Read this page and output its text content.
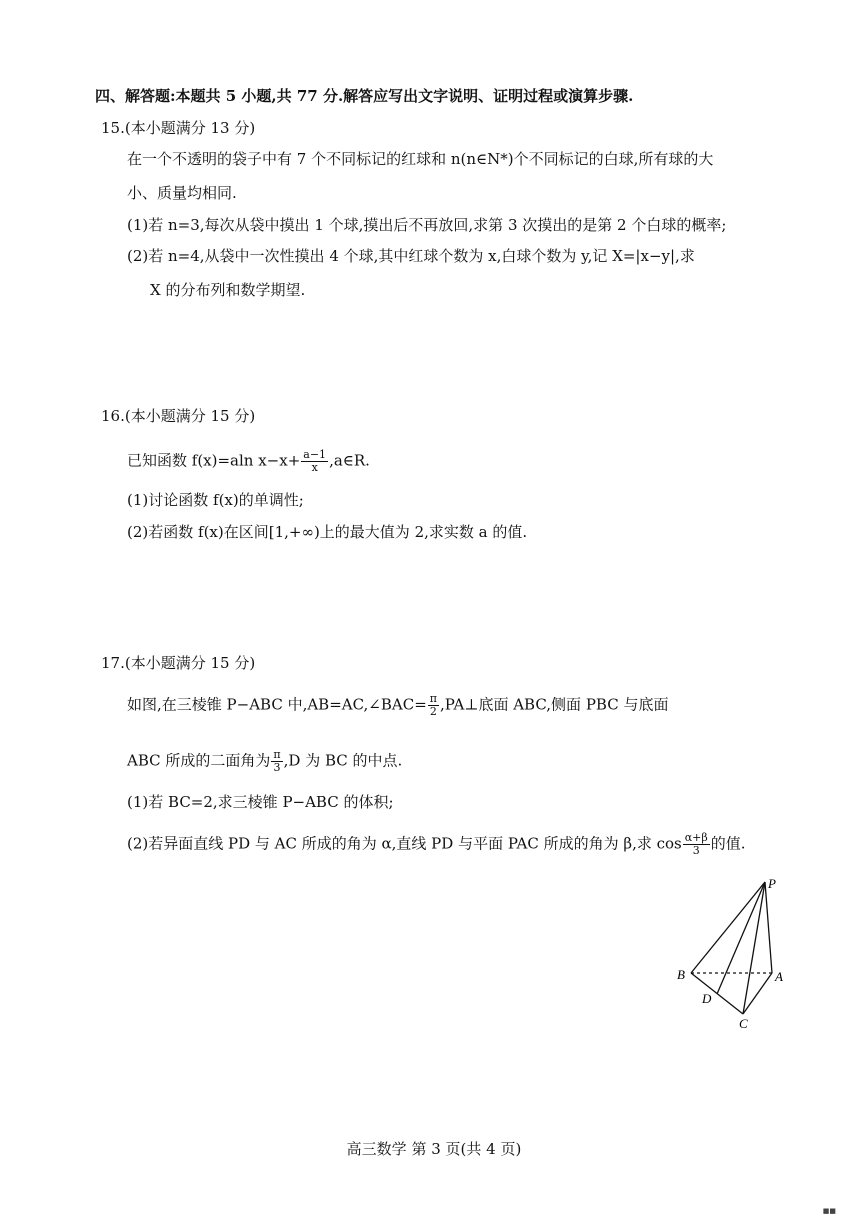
四、解答题:本题共 5 小题,共 77 分.解答应写出文字说明、证明过程或演算步骤.
15.(本小题满分 13 分)
在一个不透明的袋子中有 7 个不同标记的红球和 n(n∈N*)个不同标记的白球,所有球的大
小、质量均相同.
(1)若 n=3,每次从袋中摸出 1 个球,摸出后不再放回,求第 3 次摸出的是第 2 个白球的概率;
(2)若 n=4,从袋中一次性摸出 4 个球,其中红球个数为 x,白球个数为 y,记 X=|x−y|,求
X 的分布列和数学期望.
16.(本小题满分 15 分)
已知函数 f(x)=aln $x-x+ \frac{a-1}{x}$ ,a∈R.
(1)讨论函数 f(x)的单调性;
(2)若函数 f(x)在区间[1,+∞)上的最大值为 2,求实数 a 的值.
17.(本小题满分 15 分)
如图,在三棱锥 P−ABC 中,AB=AC,∠BAC= $\frac{\pi}{2}$ ,PA⊥底面 ABC,侧面 PBC 与底面
ABC 所成的二面角为 $\frac{\pi}{3} ,D$ 为 BC 的中点.
(1)若 BC=2,求三棱锥 P−ABC 的体积;
(2)若异面直线 PD 与 AC 所成的角为 α,直线 PD 与平面 PAC 所成的角为 β,求 $\cos \frac{\alpha+\beta}{3}$ 的值.
P
B	A
D
C
高三数学 第 3 页(共 4 页)
■■
